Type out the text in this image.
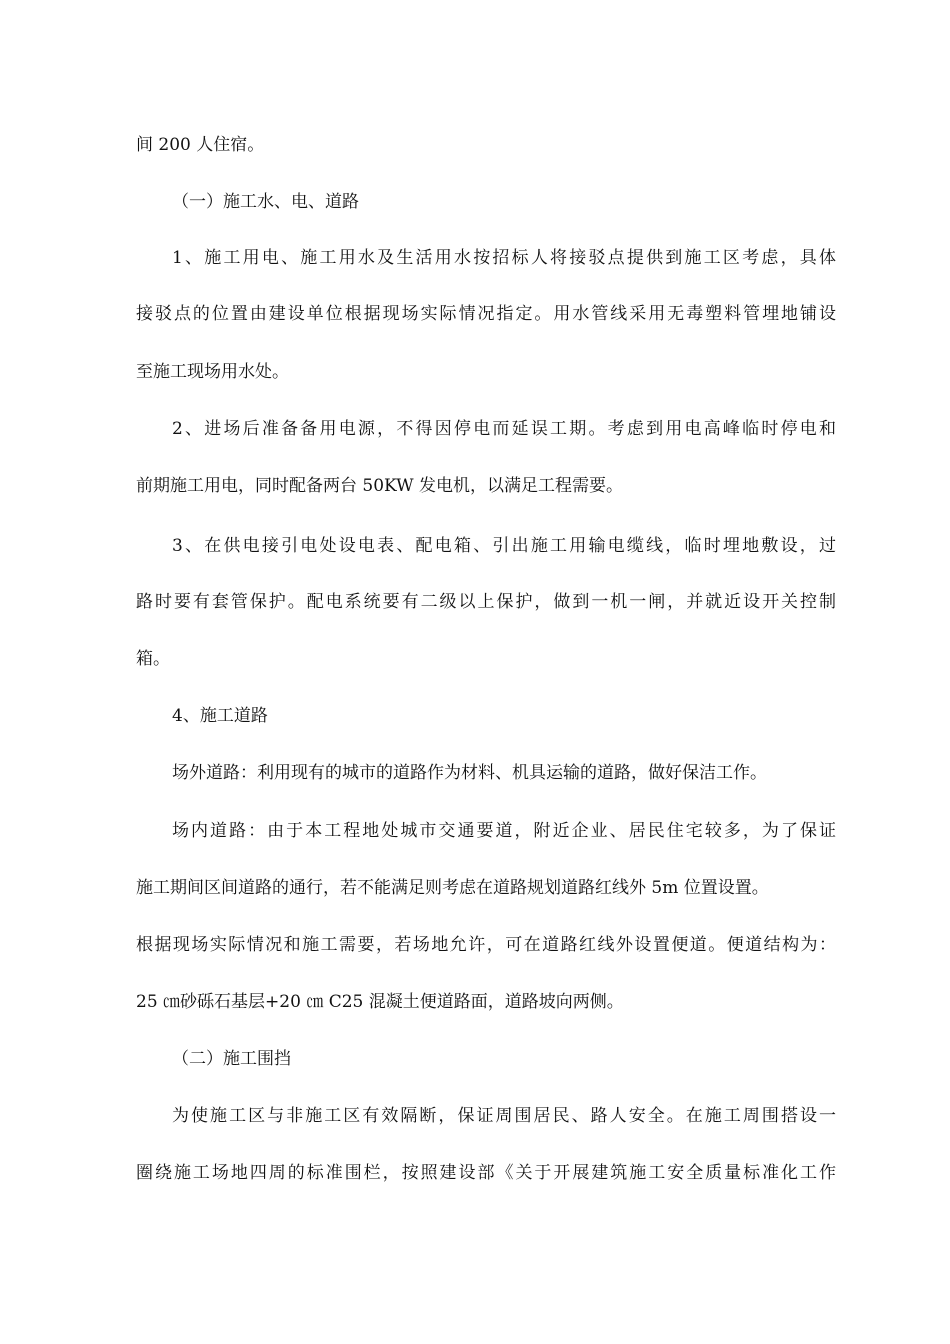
间 200 人住宿。
（一）施工水、电、道路
1、施工用电、施工用水及生活用水按招标人将接驳点提供到施工区考虑，具体
接驳点的位置由建设单位根据现场实际情况指定。用水管线采用无毒塑料管埋地铺设
至施工现场用水处。
2、进场后准备备用电源，不得因停电而延误工期。考虑到用电高峰临时停电和
前期施工用电，同时配备两台 50KW 发电机，以满足工程需要。
3、在供电接引电处设电表、配电箱、引出施工用输电缆线，临时埋地敷设，过
路时要有套管保护。配电系统要有二级以上保护，做到一机一闸，并就近设开关控制
箱。
4、施工道路
场外道路：利用现有的城市的道路作为材料、机具运输的道路，做好保洁工作。
场内道路：由于本工程地处城市交通要道，附近企业、居民住宅较多，为了保证
施工期间区间道路的通行，若不能满足则考虑在道路规划道路红线外 5m 位置设置。
根据现场实际情况和施工需要，若场地允许，可在道路红线外设置便道。便道结构为：
25 ㎝砂砾石基层+20 ㎝ C25 混凝土便道路面，道路坡向两侧。
（二）施工围挡
为使施工区与非施工区有效隔断，保证周围居民、路人安全。在施工周围搭设一
圈绕施工场地四周的标准围栏，按照建设部《关于开展建筑施工安全质量标准化工作
